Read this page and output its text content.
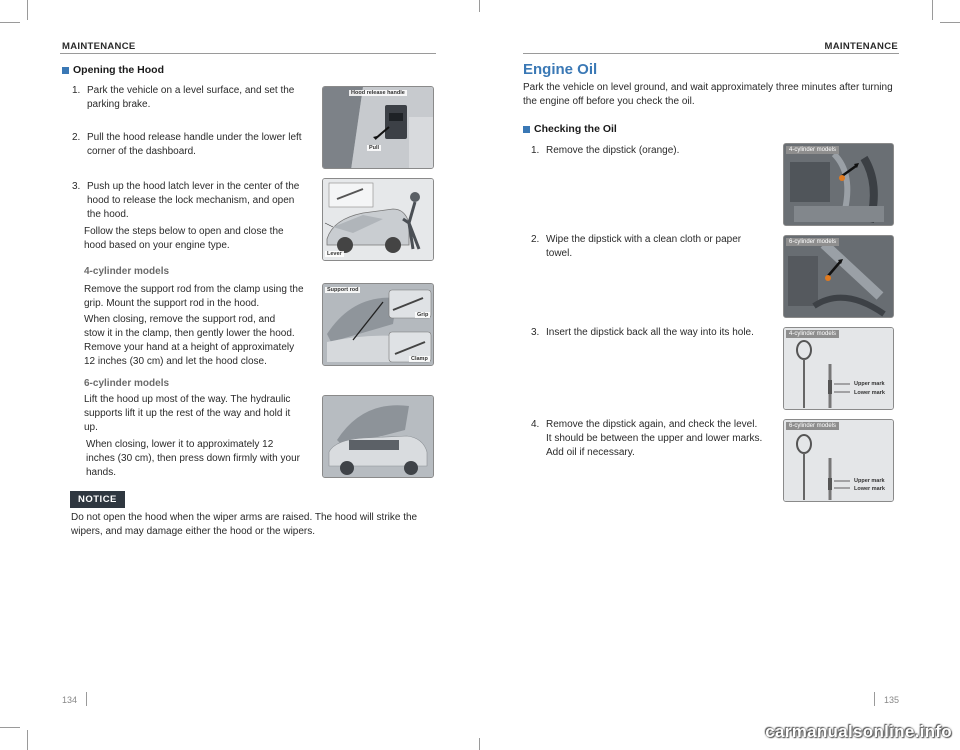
MAINTENANCE	MAINTENANCE
Opening the Hood
1. Park the vehicle on a level surface, and set the
parking brake.
2. Pull the hood release handle under the lower left
corner of the dashboard.
3. Push up the hood latch lever in the center of the
hood to release the lock mechanism, and open
the hood.
Follow the steps below to open and close the
hood based on your engine type.
4-cylinder models
Remove the support rod from the clamp using the
grip. Mount the support rod in the hood.
When closing, remove the support rod, and
stow it in the clamp, then gently lower the hood.
Remove your hand at a height of approximately
12 inches (30 cm) and let the hood close.
6-cylinder models
Lift the hood up most of the way. The hydraulic
supports lift it up the rest of the way and hold it
up.
When closing, lower it to approximately 12
inches (30 cm), then press down firmly with your
hands.
Hood release handle
Pull
Lever
Support rod
Grip
Clamp
NOTICE
Do not open the hood when the wiper arms are raised. The hood will strike the
wipers, and may damage either the hood or the wipers.
134
Engine Oil
Park the vehicle on level ground, and wait approximately three minutes after turning
the engine off before you check the oil.
Checking the Oil
1. Remove the dipstick (orange).
2. Wipe the dipstick with a clean cloth or paper
towel.
3. Insert the dipstick back all the way into its hole.
4. Remove the dipstick again, and check the level.
It should be between the upper and lower marks.
Add oil if necessary.
4-cylinder models
6-cylinder models
4-cylinder models
Upper mark
Lower mark
6-cylinder models
Upper mark
Lower mark
135
carmanualsonline.info
